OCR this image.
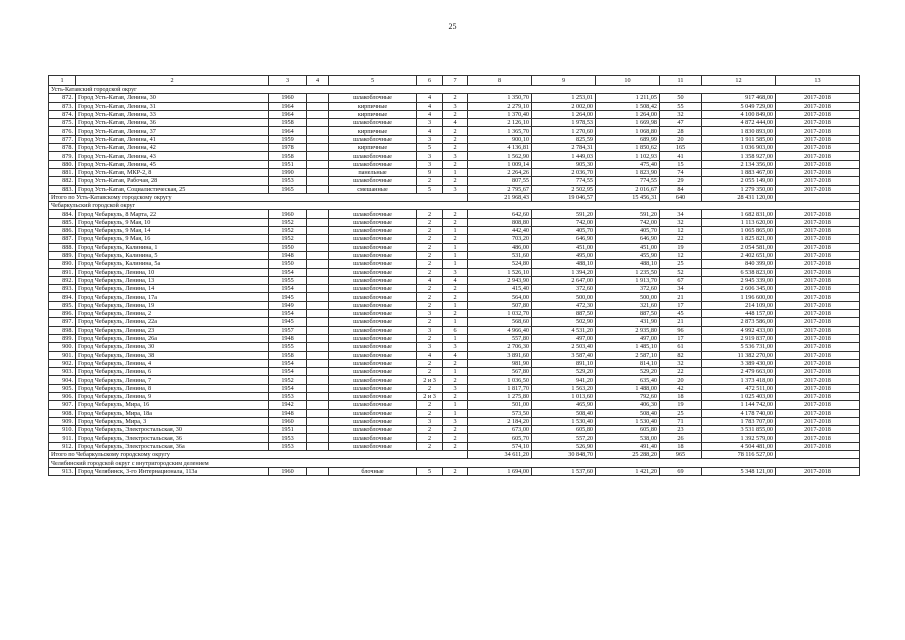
25
1	2	3	4	5	6	7	8	9	10	11	12	13
Усть-Катавский городской округ												
872.	Город Усть-Катав, Ленина, 30	1960		шлакоблочные	4	2	1 350,70	1 253,01	1 211,05	50	917 468,00	2017-2018
873.	Город Усть-Катав, Ленина, 31	1964		кирпичные	4	3	2 279,10	2 002,00	1 508,42	55	5 049 729,00	2017-2018
874.	Город Усть-Катав, Ленина, 33	1964		кирпичные	4	2	1 370,40	1 264,00	1 264,00	32	4 100 849,00	2017-2018
875.	Город Усть-Катав, Ленина, 36	1958		шлакоблочные	3	4	2 126,10	1 978,53	1 669,98	47	4 872 444,00	2017-2018
876.	Город Усть-Катав, Ленина, 37	1964		кирпичные	4	2	1 365,70	1 270,60	1 068,80	28	1 830 893,00	2017-2018
877.	Город Усть-Катав, Ленина, 41	1959		шлакоблочные	3	2	900,10	825,59	689,99	20	1 911 585,00	2017-2018
878.	Город Усть-Катав, Ленина, 42	1978		кирпичные	5	2	4 136,81	2 784,31	1 850,62	165	1 036 903,00	2017-2018
879.	Город Усть-Катав, Ленина, 43	1958		шлакоблочные	3	3	1 562,90	1 449,03	1 102,93	41	1 358 927,00	2017-2018
880.	Город Усть-Катав, Ленина, 45	1951		шлакоблочные	3	2	1 009,14	905,30	475,40	15	2 134 356,00	2017-2018
881.	Город Усть-Катав, МКР-2, 8	1990		панельные	9	1	2 264,26	2 036,70	1 823,90	74	1 883 467,00	2017-2018
882.	Город Усть-Катав, Рабочая, 28	1953		шлакоблочные	2	2	807,55	774,55	774,55	29	2 055 149,00	2017-2018
883.	Город Усть-Катав, Социалистическая, 25	1965		смешанные	5	3	2 795,67	2 502,95	2 016,67	84	1 279 350,00	2017-2018
Итого по Усть-Катавскому городскому округу							21 968,43	19 046,57	15 456,31	640	28 431 120,00	
Чебаркульский городской округ												
884.	Город Чебаркуль, 8 Марта, 22	1960		шлакоблочные	2	2	642,60	591,20	591,20	34	1 682 831,00	2017-2018
885.	Город Чебаркуль, 9 Мая, 10	1952		шлакоблочные	2	2	808,80	742,00	742,00	32	1 113 620,00	2017-2018
886.	Город Чебаркуль, 9 Мая, 14	1952		шлакоблочные	2	1	442,40	405,70	405,70	12	1 065 865,00	2017-2018
887.	Город Чебаркуль, 9 Мая, 16	1952		шлакоблочные	2	2	703,20	646,90	646,90	22	1 825 821,00	2017-2018
888.	Город Чебаркуль, Калинина, 1	1950		шлакоблочные	2	1	486,00	451,00	451,00	19	2 054 581,00	2017-2018
889.	Город Чебаркуль, Калинина, 5	1948		шлакоблочные	2	1	531,60	495,00	455,90	12	2 402 651,00	2017-2018
890.	Город Чебаркуль, Калинина, 5а	1950		шлакоблочные	2	1	524,80	488,10	488,10	25	840 399,00	2017-2018
891.	Город Чебаркуль, Ленина, 10	1954		шлакоблочные	2	3	1 526,10	1 394,20	1 235,50	52	6 538 823,00	2017-2018
892.	Город Чебаркуль, Ленина, 13	1955		шлакоблочные	4	4	2 943,90	2 647,00	1 913,70	67	2 945 339,00	2017-2018
893.	Город Чебаркуль, Ленина, 14	1954		шлакоблочные	2	2	415,40	372,60	372,60	34	2 606 345,00	2017-2018
894.	Город Чебаркуль, Ленина, 17а	1945		шлакоблочные	2	2	564,00	500,00	500,00	21	1 196 600,00	2017-2018
895.	Город Чебаркуль, Ленина, 19	1949		шлакоблочные	2	1	507,80	472,30	321,60	17	214 109,00	2017-2018
896.	Город Чебаркуль, Ленина, 2	1954		шлакоблочные	3	2	1 032,70	887,50	887,50	45	448 157,00	2017-2018
897.	Город Чебаркуль, Ленина, 22а	1945		шлакоблочные	2	1	568,60	502,90	431,90	21	2 873 586,00	2017-2018
898.	Город Чебаркуль, Ленина, 23	1957		шлакоблочные	3	6	4 966,40	4 531,20	2 935,80	96	4 992 433,00	2017-2018
899.	Город Чебаркуль, Ленина, 26а	1948		шлакоблочные	2	1	557,80	497,00	497,00	17	2 919 837,00	2017-2018
900.	Город Чебаркуль, Ленина, 30	1955		шлакоблочные	3	3	2 706,30	2 503,40	1 485,10	61	5 536 731,00	2017-2018
901.	Город Чебаркуль, Ленина, 38	1958		шлакоблочные	4	4	3 891,60	3 587,40	2 587,10	82	11 382 270,00	2017-2018
902.	Город Чебаркуль, Ленина, 4	1954		шлакоблочные	2	2	981,90	891,10	814,10	32	3 389 430,00	2017-2018
903.	Город Чебаркуль, Ленина, 6	1954		шлакоблочные	2	1	567,80	529,20	529,20	22	2 479 663,00	2017-2018
904.	Город Чебаркуль, Ленина, 7	1952		шлакоблочные	2 и 3	2	1 036,50	941,20	635,40	20	1 373 418,00	2017-2018
905.	Город Чебаркуль, Ленина, 8	1954		шлакоблочные	2	3	1 817,70	1 563,20	1 488,00	42	472 511,00	2017-2018
906.	Город Чебаркуль, Ленина, 9	1953		шлакоблочные	2 и 3	2	1 275,80	1 013,60	792,60	18	1 025 403,00	2017-2018
907.	Город Чебаркуль, Мира, 16	1942		шлакоблочные	2	1	501,00	465,90	406,30	19	1 144 742,00	2017-2018
908.	Город Чебаркуль, Мира, 18а	1948		шлакоблочные	2	1	573,50	508,40	508,40	25	4 178 740,00	2017-2018
909.	Город Чебаркуль, Мира, 3	1960		шлакоблочные	3	3	2 184,20	1 530,40	1 530,40	71	1 783 707,00	2017-2018
910.	Город Чебаркуль, Электростальская, 30	1951		шлакоблочные	2	2	673,00	605,80	605,80	23	3 531 855,00	2017-2018
911.	Город Чебаркуль, Электростальская, 36	1953		шлакоблочные	2	2	605,70	557,20	538,00	26	1 392 579,00	2017-2018
912.	Город Чебаркуль, Электростальская, 36а	1953		шлакоблочные	2	2	574,10	526,90	491,40	18	4 504 481,00	2017-2018
Итого по Чебаркульскому городскому округу							34 611,20	30 848,70	25 288,20	965	78 116 527,00	
Челябинский городской округ с внутригородским делением												
913.	Город Челябинск, 3-го Интернационала, 113а	1960		блочные	5	2	1 694,00	1 537,60	1 421,20	69	5 348 121,00	2017-2018
